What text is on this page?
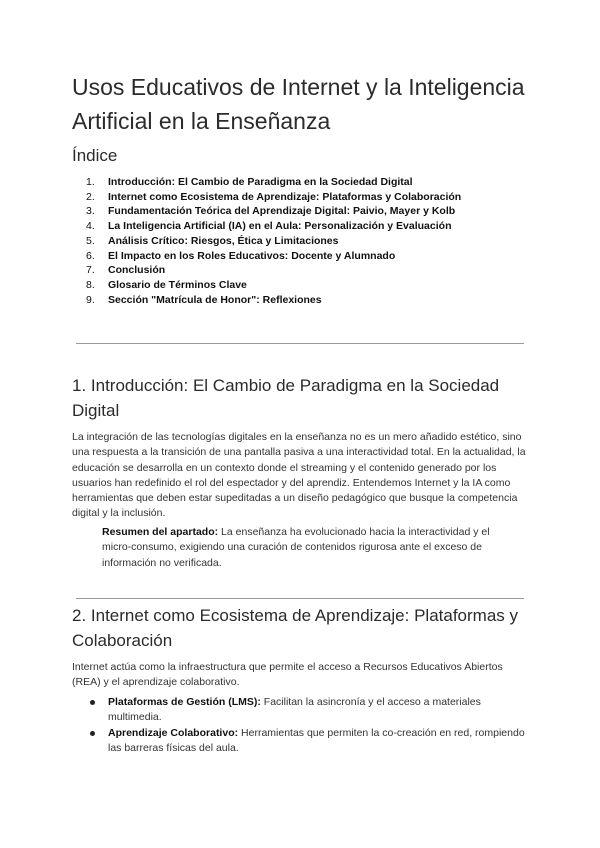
Usos Educativos de Internet y la Inteligencia Artificial en la Enseñanza
Índice
1.	Introducción: El Cambio de Paradigma en la Sociedad Digital
2.	Internet como Ecosistema de Aprendizaje: Plataformas y Colaboración
3.	Fundamentación Teórica del Aprendizaje Digital: Paivio, Mayer y Kolb
4.	La Inteligencia Artificial (IA) en el Aula: Personalización y Evaluación
5.	Análisis Crítico: Riesgos, Ética y Limitaciones
6.	El Impacto en los Roles Educativos: Docente y Alumnado
7.	Conclusión
8.	Glosario de Términos Clave
9.	Sección "Matrícula de Honor": Reflexiones
1. Introducción: El Cambio de Paradigma en la Sociedad Digital

La integración de las tecnologías digitales en la enseñanza no es un mero añadido estético, sino una respuesta a la transición de una pantalla pasiva a una interactividad total. En la actualidad, la educación se desarrolla en un contexto donde el streaming y el contenido generado por los usuarios han redefinido el rol del espectador y del aprendiz. Entendemos Internet y la IA como herramientas que deben estar supeditadas a un diseño pedagógico que busque la competencia digital y la inclusión.

Resumen del apartado: La enseñanza ha evolucionado hacia la interactividad y el micro-consumo, exigiendo una curación de contenidos rigurosa ante el exceso de información no verificada.

2. Internet como Ecosistema de Aprendizaje: Plataformas y Colaboración

Internet actúa como la infraestructura que permite el acceso a Recursos Educativos Abiertos (REA) y el aprendizaje colaborativo.

Plataformas de Gestión (LMS): Facilitan la asincronía y el acceso a materiales multimedia.
Aprendizaje Colaborativo: Herramientas que permiten la co-creación en red, rompiendo las barreras físicas del aula.
